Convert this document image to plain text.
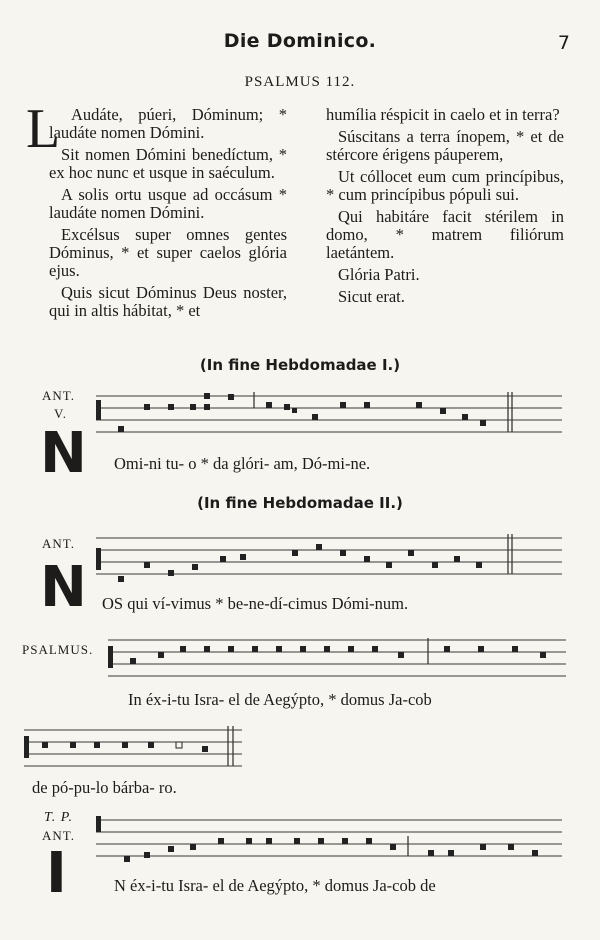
Die Dominico.	7
PSALMUS 112.
L Audáte, púeri, Dóminum; * laudáte nomen Dómini.

Sit nomen Dómini benedíctum, * ex hoc nunc et usque in saéculum.

A solis ortu usque ad occásum * laudáte nomen Dómini.

Excélsus super omnes gentes Dóminus, * et super caelos glória ejus.

Quis sicut Dóminus Deus noster, qui in altis hábitat, * et

humília réspicit in caelo et in terra?

Súscitans a terra ínopem, * et de stércore érigens páuperem,

Ut cóllocet eum cum princípibus, * cum princípibus pópuli sui.

Qui habitáre facit stérilem in domo, * matrem filiórum laetántem.

Glória Patri.

Sicut erat.

(In fine Hebdomadae I.)
ANT.
V.
N Omi-ni tu- o * da glóri- am, Dó-mi-ne.
(In fine Hebdomadae II.)
ANT.
N OS qui ví-vimus * be-ne-dí-cimus Dómi-num.
PSALMUS.
In éx-i-tu Isra- el de Aegýpto, * domus Ja-cob
de pó-pu-lo bárba- ro.
T. P.
ANT.
I	N éx-i-tu Isra- el de Aegýpto, * domus Ja-cob de
